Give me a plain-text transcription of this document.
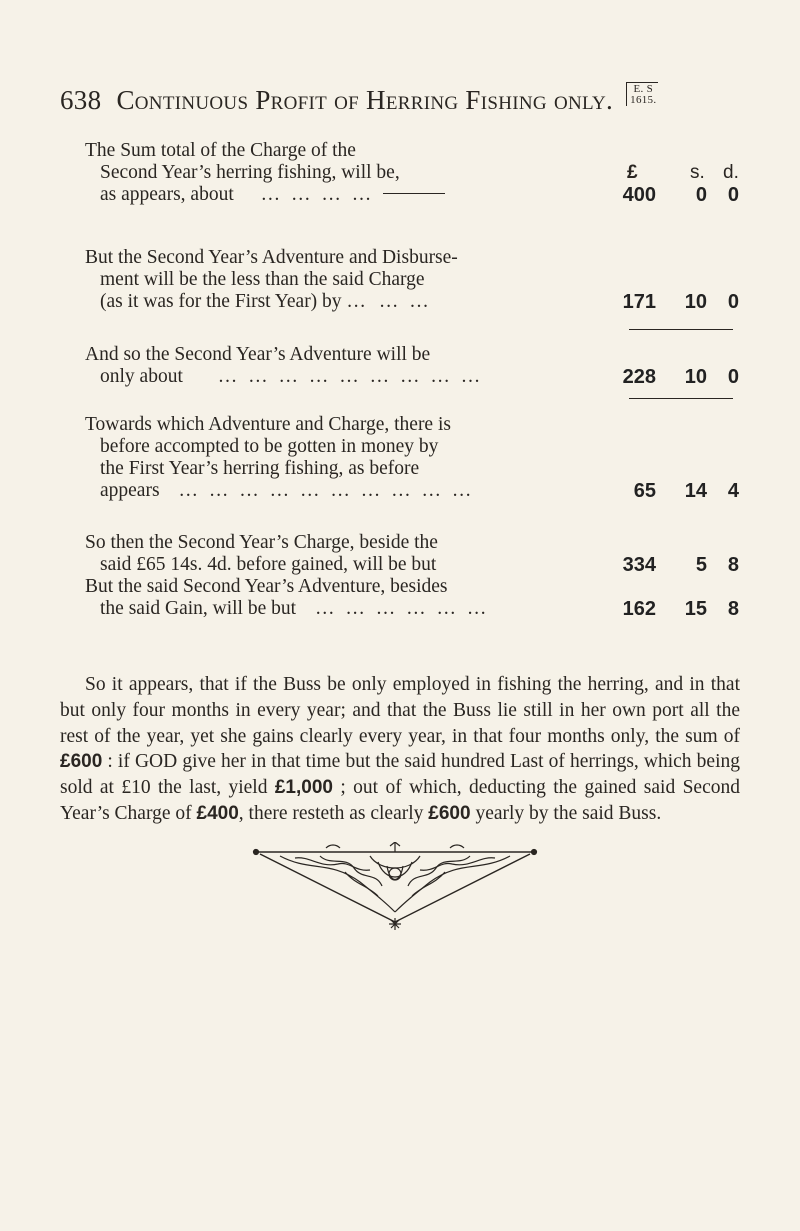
638 Continuous Profit of Herring Fishing only.	E. S
1615.
The Sum total of the Charge of the
Second Year’s herring fishing, will be,	£	s. d.
as appears, about … … … …	400 0 0
But the Second Year’s Adventure and Disburse-
ment will be the less than the said Charge
(as it was for the First Year) by … … …	171 10 0
And so the Second Year’s Adventure will be
only about … … … … … … … … …	228 10 0
Towards which Adventure and Charge, there is
before accompted to be gotten in money by
the First Year’s herring fishing, as before
appears … … … … … … … … … …	65 14 4
So then the Second Year’s Charge, beside the
said £65 14s. 4d. before gained, will be but	334 5 8
But the said Second Year’s Adventure, besides
the said Gain, will be but … … … … … …	162 15 8
So it appears, that if the Buss be only employed in fishing the herring, and in that but only four months in every year; and that the Buss lie still in her own port all the rest of the year, yet she gains clearly every year, in that four months only, the sum of £600 : if GOD give her in that time but the said hundred Last of herrings, which being sold at £10 the last, yield £1,000 ; out of which, deducting the gained said Second Year’s Charge of £400, there resteth as clearly £600 yearly by the said Buss.
